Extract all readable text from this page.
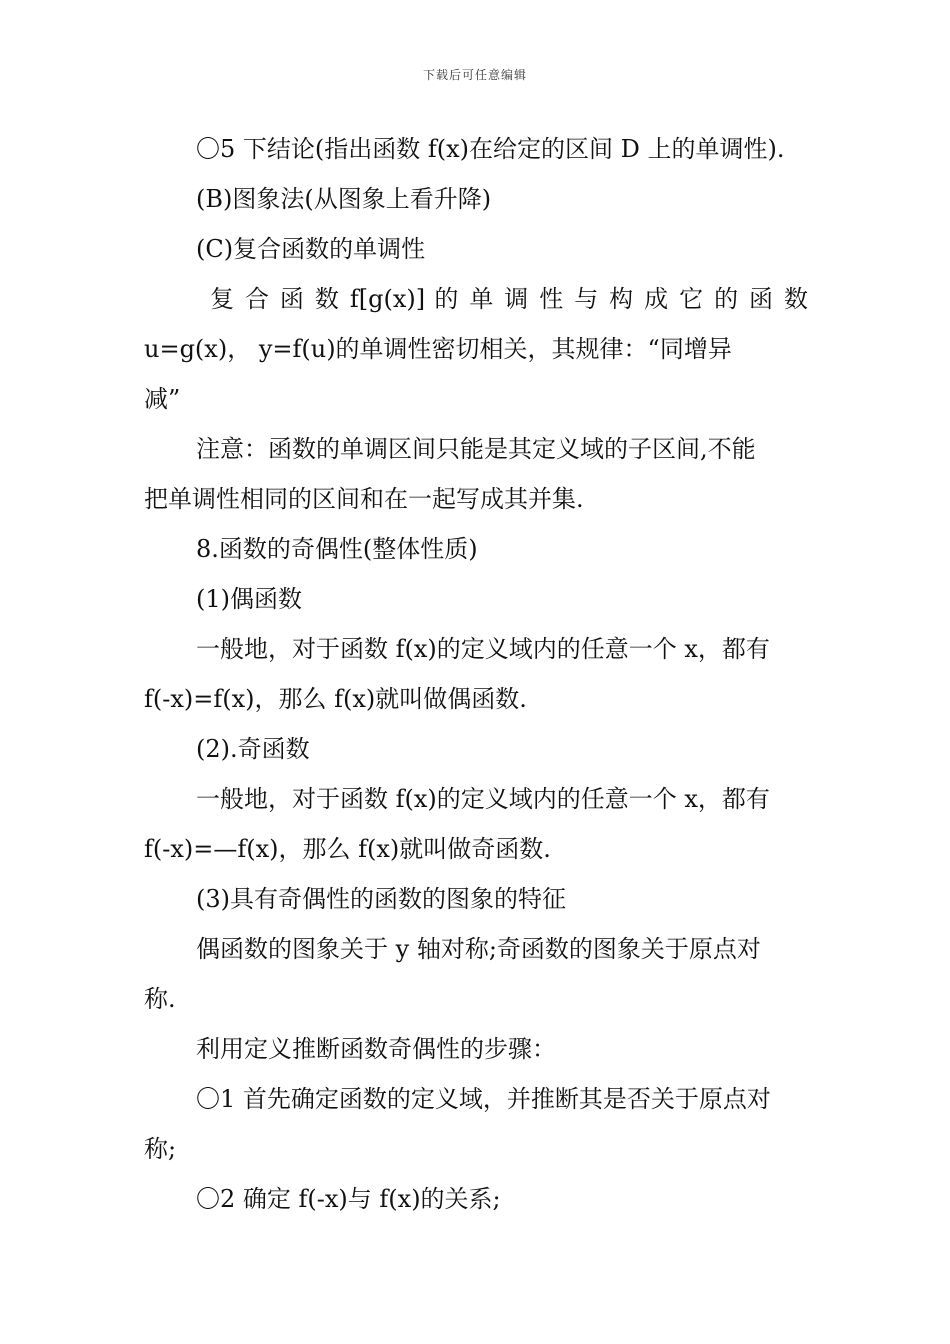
下载后可任意编辑
〇5 下结论(指出函数 f(x)在给定的区间 D 上的单调性).
(B)图象法(从图象上看升降)
(C)复合函数的单调性
复 合 函 数 f[g(x)] 的 单 调 性 与 构 成 它 的 函 数
u=g(x)， y=f(u)的单调性密切相关，其规律：“同增异
减”
注意：函数的单调区间只能是其定义域的子区间,不能
把单调性相同的区间和在一起写成其并集.
8.函数的奇偶性(整体性质)
(1)偶函数
一般地，对于函数 f(x)的定义域内的任意一个 x，都有
f(-x)=f(x)，那么 f(x)就叫做偶函数.
(2).奇函数
一般地，对于函数 f(x)的定义域内的任意一个 x，都有
f(-x)=—f(x)，那么 f(x)就叫做奇函数.
(3)具有奇偶性的函数的图象的特征
偶函数的图象关于 y 轴对称;奇函数的图象关于原点对
称.
利用定义推断函数奇偶性的步骤：
〇1 首先确定函数的定义域，并推断其是否关于原点对
称;
〇2 确定 f(-x)与 f(x)的关系;
